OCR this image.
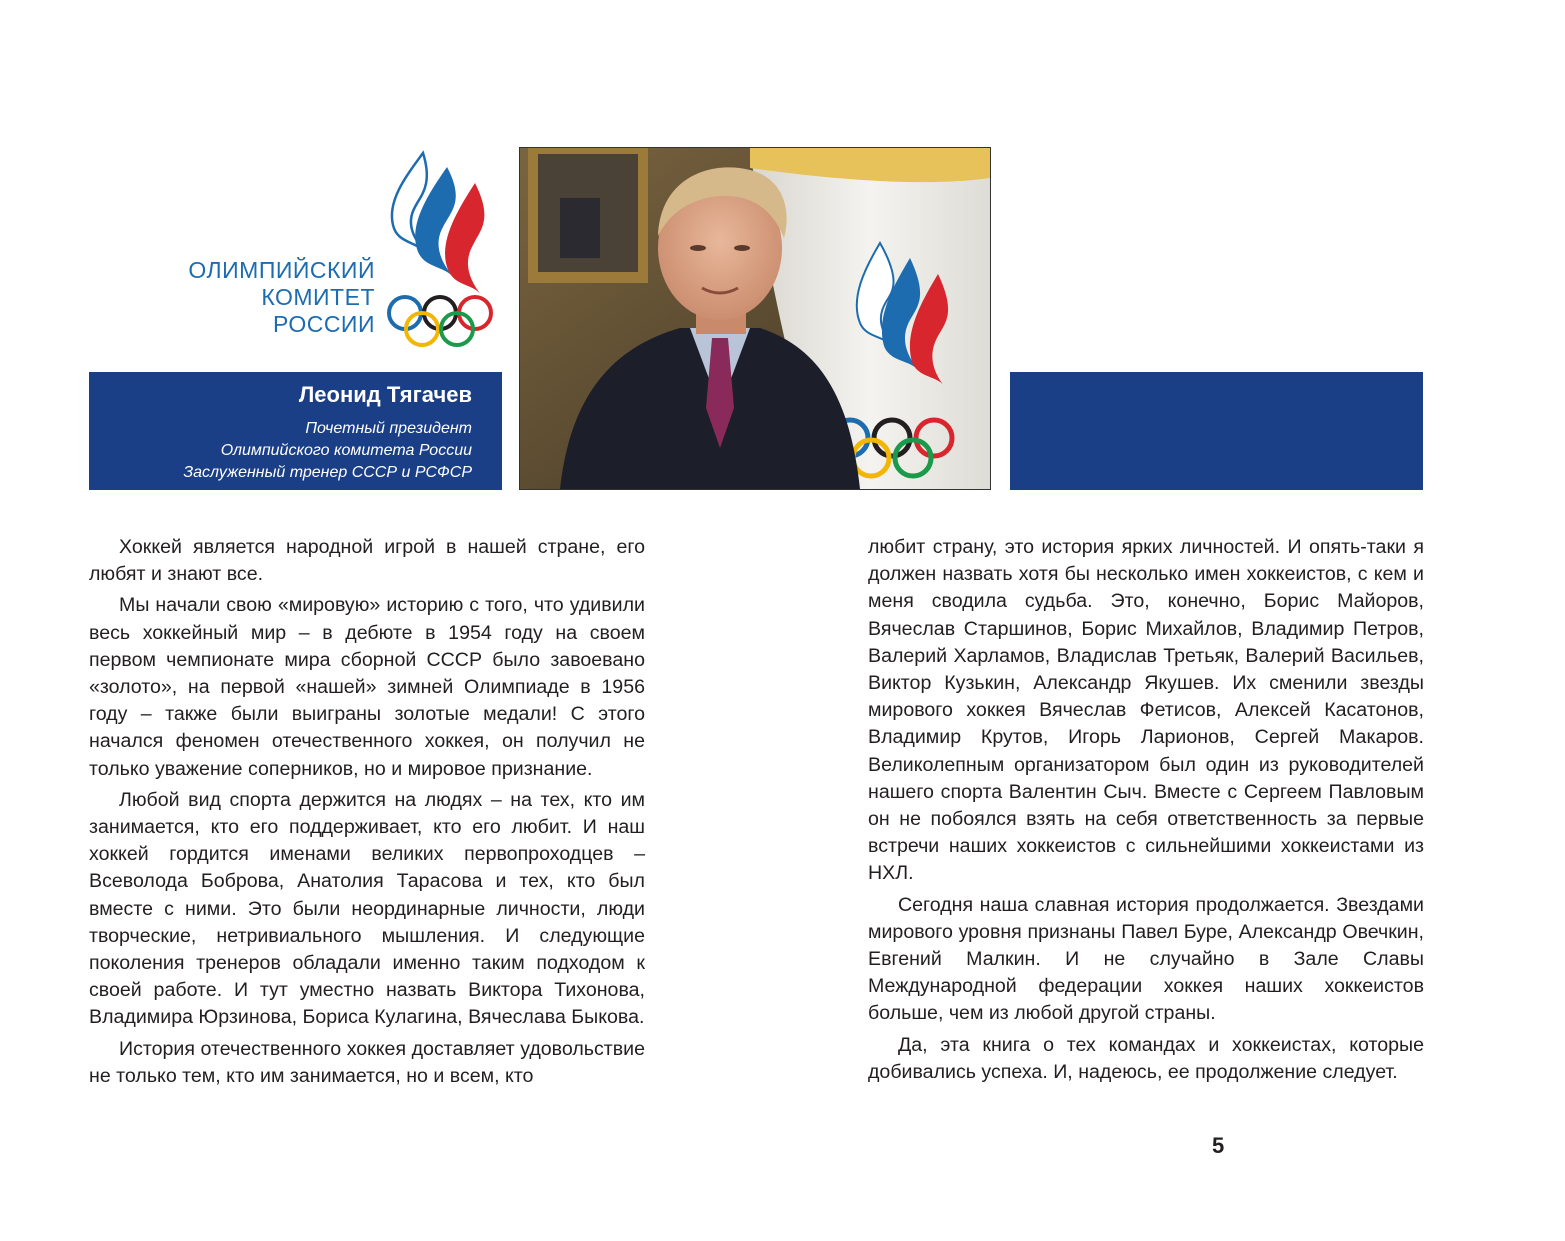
ОЛИМПИЙСКИЙ
КОМИТЕТ
РОССИИ
Леонид Тягачев
Почетный президент
Олимпийского комитета России
Заслуженный тренер СССР и РСФСР

Хоккей является народной игрой в нашей стране, его любят и знают все.

Мы начали свою «мировую» историю с того, что удивили весь хоккейный мир – в дебюте в 1954 году на своем первом чемпионате мира сборной СССР было завоевано «золото», на первой «нашей» зимней Олимпиаде в 1956 году – также были выиграны золотые медали! С этого начался феномен отечественного хоккея, он получил не только уважение соперников, но и мировое признание.

Любой вид спорта держится на людях – на тех, кто им занимается, кто его поддерживает, кто его любит. И наш хоккей гордится именами великих первопроходцев – Всеволода Боброва, Анатолия Тарасова и тех, кто был вместе с ними. Это были неординарные личности, люди творческие, нетривиального мышления. И следующие поколения тренеров обладали именно таким подходом к своей работе. И тут уместно назвать Виктора Тихонова, Владимира Юрзинова, Бориса Кулагина, Вячеслава Быкова.

История отечественного хоккея доставляет удовольствие не только тем, кто им занимается, но и всем, кто

любит страну, это история ярких личностей. И опять-таки я должен назвать хотя бы несколько имен хоккеистов, с кем и меня сводила судьба. Это, конечно, Борис Майоров, Вячеслав Старшинов, Борис Михайлов, Владимир Петров, Валерий Харламов, Владислав Третьяк, Валерий Васильев, Виктор Кузькин, Александр Якушев. Их сменили звезды мирового хоккея Вячеслав Фетисов, Алексей Касатонов, Владимир Крутов, Игорь Ларионов, Сергей Макаров. Великолепным организатором был один из руководителей нашего спорта Валентин Сыч. Вместе с Сергеем Павловым он не побоялся взять на себя ответственность за первые встречи наших хоккеистов с сильнейшими хоккеистами из НХЛ.

Сегодня наша славная история продолжается. Звездами мирового уровня признаны Павел Буре, Александр Овечкин, Евгений Малкин. И не случайно в Зале Славы Международной федерации хоккея наших хоккеистов больше, чем из любой другой страны.

Да, эта книга о тех командах и хоккеистах, которые добивались успеха. И, надеюсь, ее продолжение следует.

5
